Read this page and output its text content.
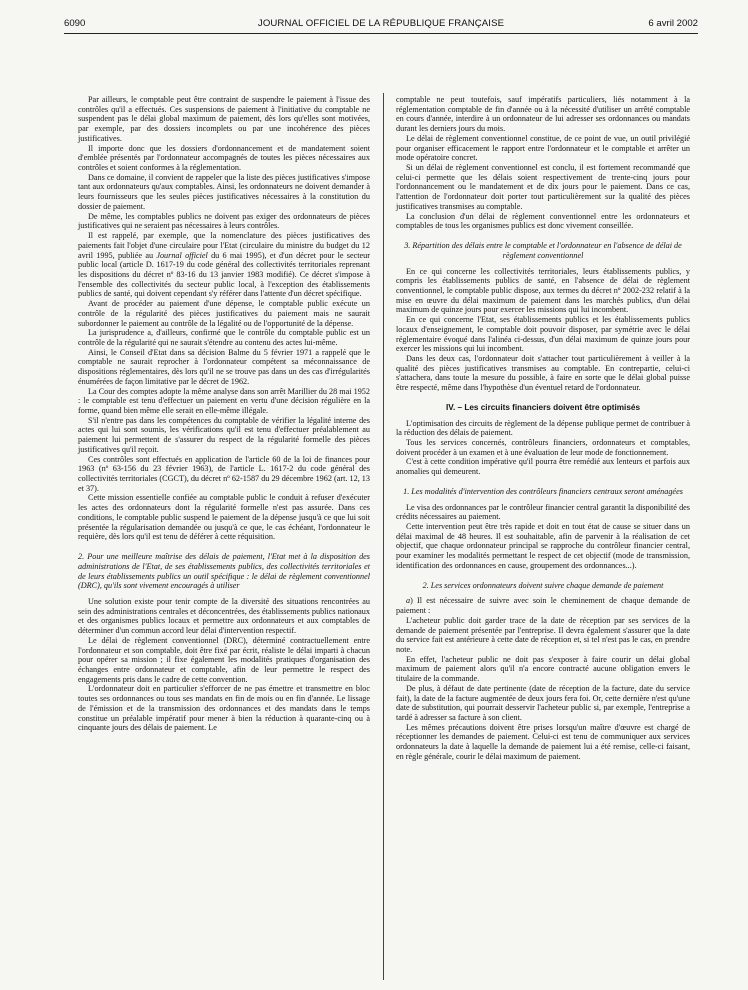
6090	JOURNAL OFFICIEL DE LA RÉPUBLIQUE FRANÇAISE	6 avril 2002

Par ailleurs, le comptable peut être contraint de suspendre le paiement à l'issue des contrôles qu'il a effectués. Ces suspensions de paiement à l'initiative du comptable ne suspendent pas le délai global maximum de paiement, dès lors qu'elles sont motivées, par exemple, par des dossiers incomplets ou par une incohérence des pièces justificatives.

Il importe donc que les dossiers d'ordonnancement et de mandatement soient d'emblée présentés par l'ordonnateur accompagnés de toutes les pièces nécessaires aux contrôles et soient conformes à la réglementation.

Dans ce domaine, il convient de rappeler que la liste des pièces justificatives s'impose tant aux ordonnateurs qu'aux comptables. Ainsi, les ordonnateurs ne doivent demander à leurs fournisseurs que les seules pièces justificatives nécessaires à la constitution du dossier de paiement.

De même, les comptables publics ne doivent pas exiger des ordonnateurs de pièces justificatives qui ne seraient pas nécessaires à leurs contrôles.

Il est rappelé, par exemple, que la nomenclature des pièces justificatives des paiements fait l'objet d'une circulaire pour l'Etat (circulaire du ministre du budget du 12 avril 1995, publiée au Journal officiel du 6 mai 1995), et d'un décret pour le secteur public local (article D. 1617-19 du code général des collectivités territoriales reprenant les dispositions du décret nº 83-16 du 13 janvier 1983 modifié). Ce décret s'impose à l'ensemble des collectivités du secteur public local, à l'exception des établissements publics de santé, qui doivent cependant s'y référer dans l'attente d'un décret spécifique.

Avant de procéder au paiement d'une dépense, le comptable public exécute un contrôle de la régularité des pièces justificatives du paiement mais ne saurait subordonner le paiement au contrôle de la légalité ou de l'opportunité de la dépense.

La jurisprudence a, d'ailleurs, confirmé que le contrôle du comptable public est un contrôle de la régularité qui ne saurait s'étendre au contenu des actes lui-même.

Ainsi, le Conseil d'Etat dans sa décision Balme du 5 février 1971 a rappelé que le comptable ne saurait reprocher à l'ordonnateur compétent sa méconnaissance de dispositions réglementaires, dès lors qu'il ne se trouve pas dans un des cas d'irrégularités énumérées de façon limitative par le décret de 1962.

La Cour des comptes adopte la même analyse dans son arrêt Marillier du 28 mai 1952 : le comptable est tenu d'effectuer un paiement en vertu d'une décision régulière en la forme, quand bien même elle serait en elle-même illégale.

S'il n'entre pas dans les compétences du comptable de vérifier la légalité interne des actes qui lui sont soumis, les vérifications qu'il est tenu d'effectuer préalablement au paiement lui permettent de s'assurer du respect de la régularité formelle des pièces justificatives qu'il reçoit.

Ces contrôles sont effectués en application de l'article 60 de la loi de finances pour 1963 (nº 63-156 du 23 février 1963), de l'article L. 1617-2 du code général des collectivités territoriales (CGCT), du décret nº 62-1587 du 29 décembre 1962 (art. 12, 13 et 37).

Cette mission essentielle confiée au comptable public le conduit à refuser d'exécuter les actes des ordonnateurs dont la régularité formelle n'est pas assurée. Dans ces conditions, le comptable public suspend le paiement de la dépense jusqu'à ce que lui soit présentée la régularisation demandée ou jusqu'à ce que, le cas échéant, l'ordonnateur le requière, dès lors qu'il est tenu de déférer à cette réquisition.

2. Pour une meilleure maîtrise des délais de paiement, l'Etat met à la disposition des administrations de l'Etat, de ses établissements publics, des collectivités territoriales et de leurs établissements publics un outil spécifique : le délai de règlement conventionnel (DRC), qu'ils sont vivement encouragés à utiliser

Une solution existe pour tenir compte de la diversité des situations rencontrées au sein des administrations centrales et déconcentrées, des établissements publics nationaux et des organismes publics locaux et permettre aux ordonnateurs et aux comptables de déterminer d'un commun accord leur délai d'intervention respectif.

Le délai de règlement conventionnel (DRC), déterminé contractuellement entre l'ordonnateur et son comptable, doit être fixé par écrit, réaliste le délai imparti à chacun pour opérer sa mission ; il fixe également les modalités pratiques d'organisation des échanges entre ordonnateur et comptable, afin de leur permettre le respect des engagements pris dans le cadre de cette convention.

L'ordonnateur doit en particulier s'efforcer de ne pas émettre et transmettre en bloc toutes ses ordonnances ou tous ses mandats en fin de mois ou en fin d'année. Le lissage de l'émission et de la transmission des ordonnances et des mandats dans le temps constitue un préalable impératif pour mener à bien la réduction à quarante-cinq ou à cinquante jours des délais de paiement. Le

comptable ne peut toutefois, sauf impératifs particuliers, liés notamment à la réglementation comptable de fin d'année ou à la nécessité d'utiliser un arrêté comptable en cours d'année, interdire à un ordonnateur de lui adresser ses ordonnances ou mandats durant les derniers jours du mois.

Le délai de règlement conventionnel constitue, de ce point de vue, un outil privilégié pour organiser efficacement le rapport entre l'ordonnateur et le comptable et arrêter un mode opératoire concret.

Si un délai de règlement conventionnel est conclu, il est fortement recommandé que celui-ci permette que les délais soient respectivement de trente-cinq jours pour l'ordonnancement ou le mandatement et de dix jours pour le paiement. Dans ce cas, l'attention de l'ordonnateur doit porter tout particulièrement sur la qualité des pièces justificatives transmises au comptable.

La conclusion d'un délai de règlement conventionnel entre les ordonnateurs et comptables de tous les organismes publics est donc vivement conseillée.

3. Répartition des délais entre le comptable et l'ordonnateur en l'absence de délai de règlement conventionnel

En ce qui concerne les collectivités territoriales, leurs établissements publics, y compris les établissements publics de santé, en l'absence de délai de règlement conventionnel, le comptable public dispose, aux termes du décret nº 2002-232 relatif à la mise en œuvre du délai maximum de paiement dans les marchés publics, d'un délai maximum de quinze jours pour exercer les missions qui lui incombent.

En ce qui concerne l'Etat, ses établissements publics et les établissements publics locaux d'enseignement, le comptable doit pouvoir disposer, par symétrie avec le délai réglementaire évoqué dans l'alinéa ci-dessus, d'un délai maximum de quinze jours pour exercer les missions qui lui incombent.

Dans les deux cas, l'ordonnateur doit s'attacher tout particulièrement à veiller à la qualité des pièces justificatives transmises au comptable. En contrepartie, celui-ci s'attachera, dans toute la mesure du possible, à faire en sorte que le délai global puisse être respecté, même dans l'hypothèse d'un éventuel retard de l'ordonnateur.

IV. – Les circuits financiers doivent être optimisés

L'optimisation des circuits de règlement de la dépense publique permet de contribuer à la réduction des délais de paiement.

Tous les services concernés, contrôleurs financiers, ordonnateurs et comptables, doivent procéder à un examen et à une évaluation de leur mode de fonctionnement.

C'est à cette condition impérative qu'il pourra être remédié aux lenteurs et parfois aux anomalies qui demeurent.

1. Les modalités d'intervention des contrôleurs financiers centraux seront aménagées

Le visa des ordonnances par le contrôleur financier central garantit la disponibilité des crédits nécessaires au paiement.

Cette intervention peut être très rapide et doit en tout état de cause se situer dans un délai maximal de 48 heures. Il est souhaitable, afin de parvenir à la réalisation de cet objectif, que chaque ordonnateur principal se rapproche du contrôleur financier central, pour examiner les modalités permettant le respect de cet objectif (mode de transmission, identification des ordonnances en cause, groupement des ordonnances...).

2. Les services ordonnateurs doivent suivre chaque demande de paiement

a) Il est nécessaire de suivre avec soin le cheminement de chaque demande de paiement :

L'acheteur public doit garder trace de la date de réception par ses services de la demande de paiement présentée par l'entreprise. Il devra également s'assurer que la date du service fait est antérieure à cette date de réception et, si tel n'est pas le cas, en prendre note.

En effet, l'acheteur public ne doit pas s'exposer à faire courir un délai global maximum de paiement alors qu'il n'a encore contracté aucune obligation envers le titulaire de la commande.

De plus, à défaut de date pertinente (date de réception de la facture, date du service fait), la date de la facture augmentée de deux jours fera foi. Or, cette dernière n'est qu'une date de substitution, qui pourrait desservir l'acheteur public si, par exemple, l'entreprise a tardé à adresser sa facture à son client.

Les mêmes précautions doivent être prises lorsqu'un maître d'œuvre est chargé de réceptionner les demandes de paiement. Celui-ci est tenu de communiquer aux services ordonnateurs la date à laquelle la demande de paiement lui a été remise, celle-ci faisant, en règle générale, courir le délai maximum de paiement.
